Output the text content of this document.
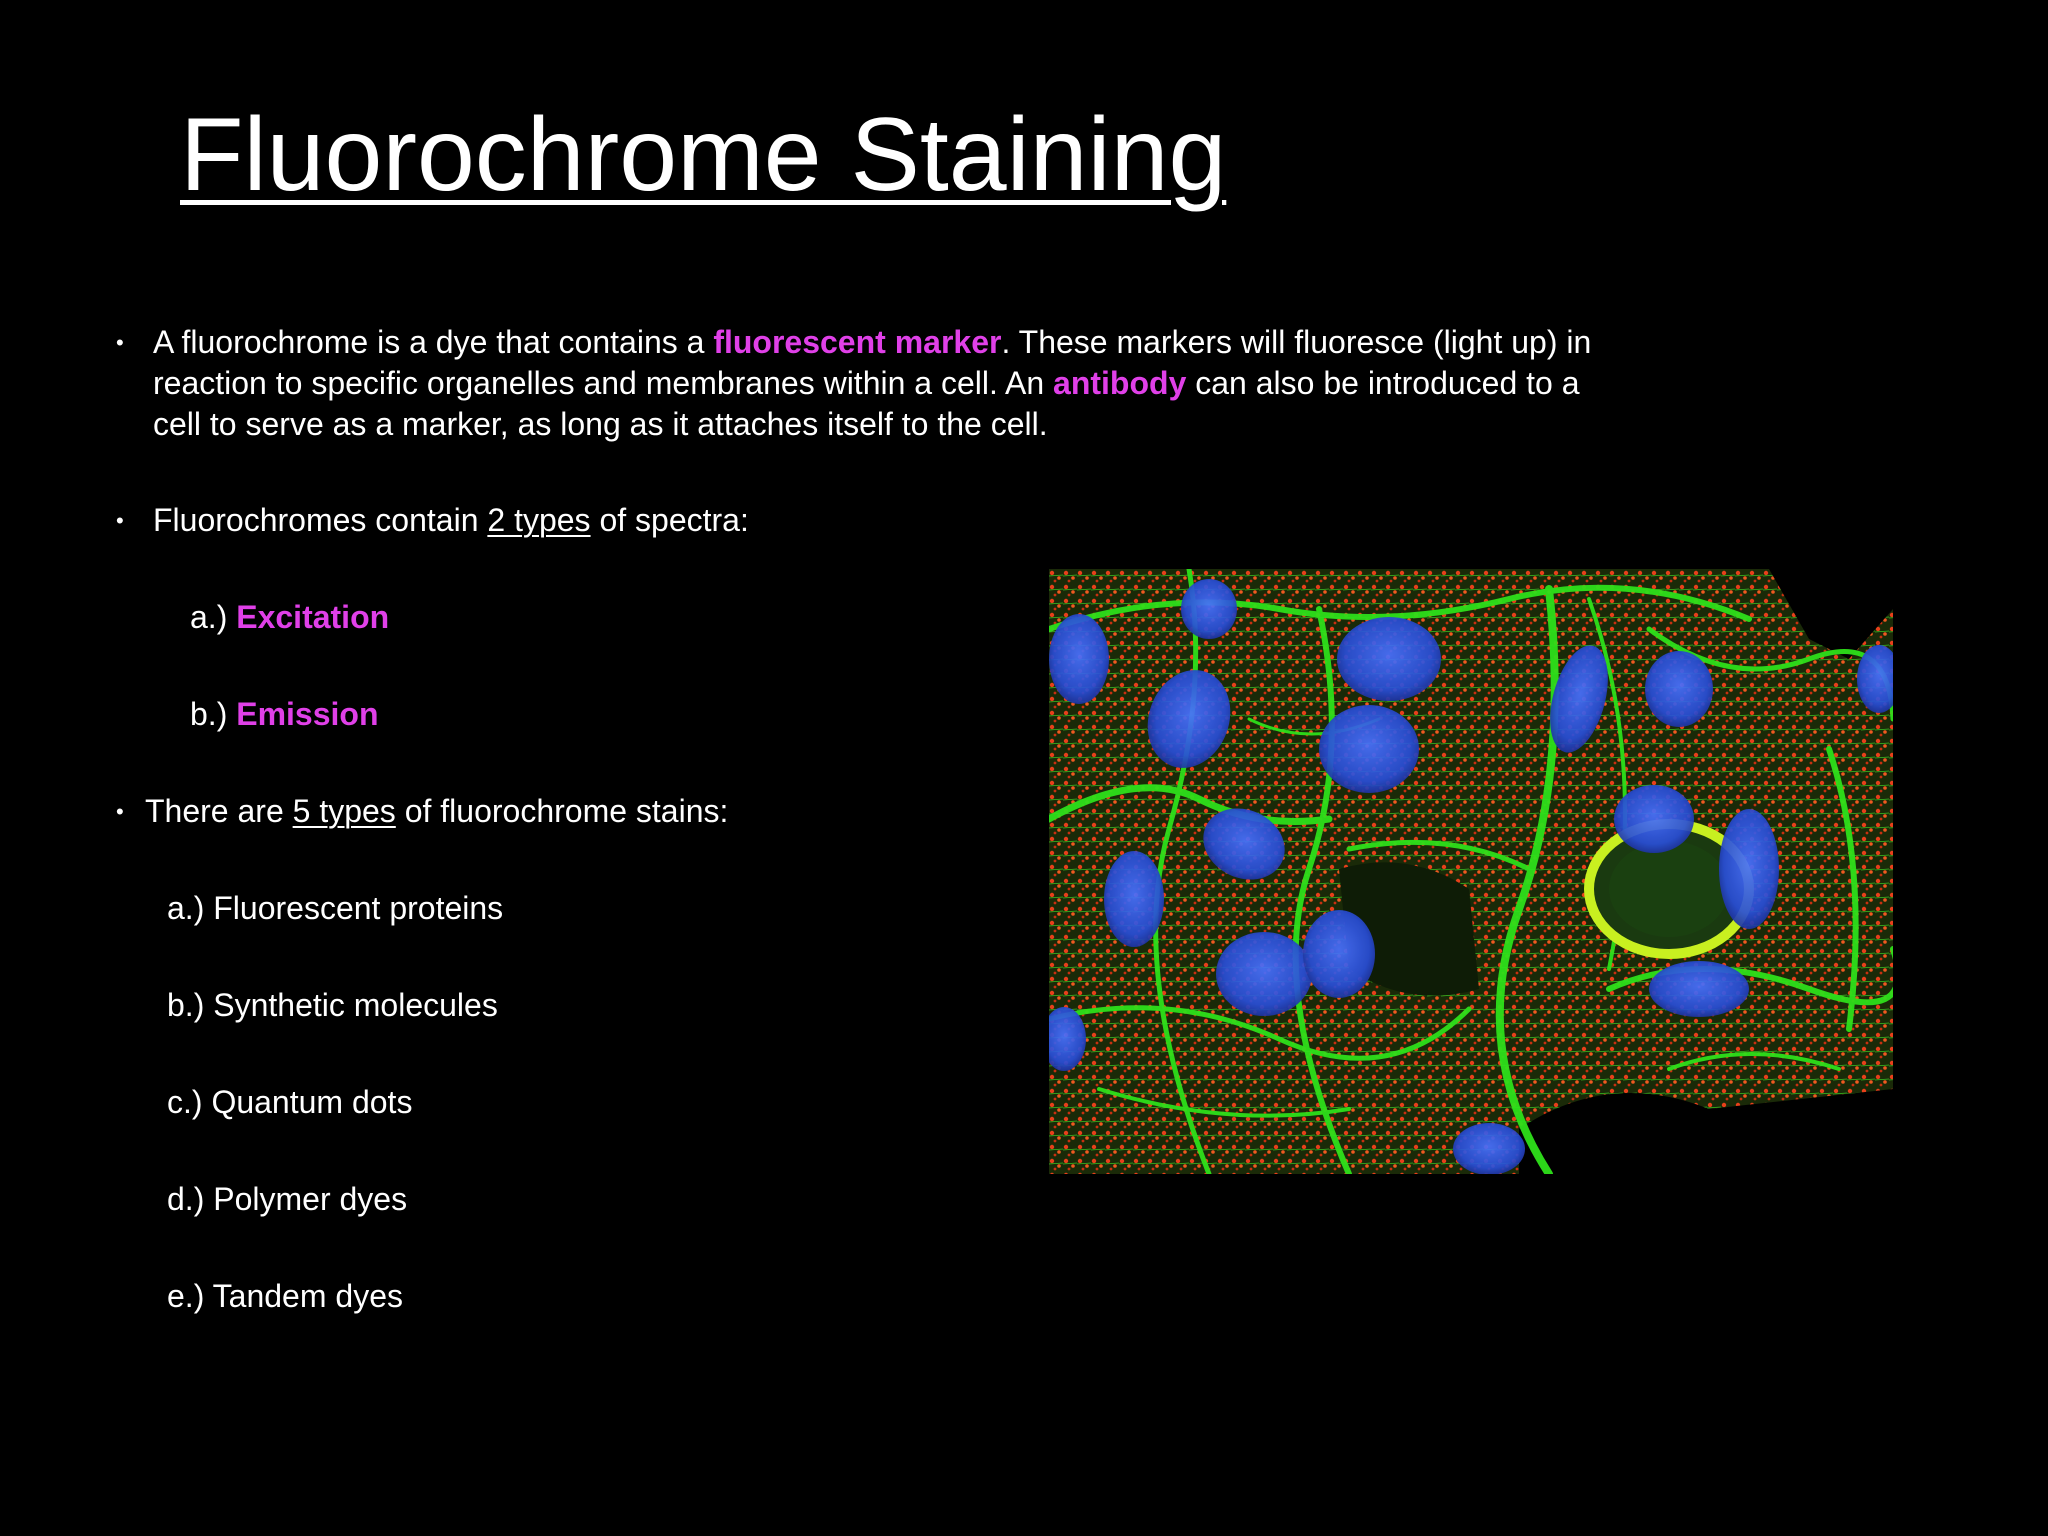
Fluorochrome Staining
• A fluorochrome is a dye that contains a fluorescent marker. These markers will fluoresce (light up) in
reaction to specific organelles and membranes within a cell. An antibody can also be introduced to a
cell to serve as a marker, as long as it attaches itself to the cell.
• Fluorochromes contain 2 types of spectra:
a.) Excitation
b.) Emission
• There are 5 types of fluorochrome stains:
a.) Fluorescent proteins
b.) Synthetic molecules
c.) Quantum dots
d.) Polymer dyes
e.) Tandem dyes
